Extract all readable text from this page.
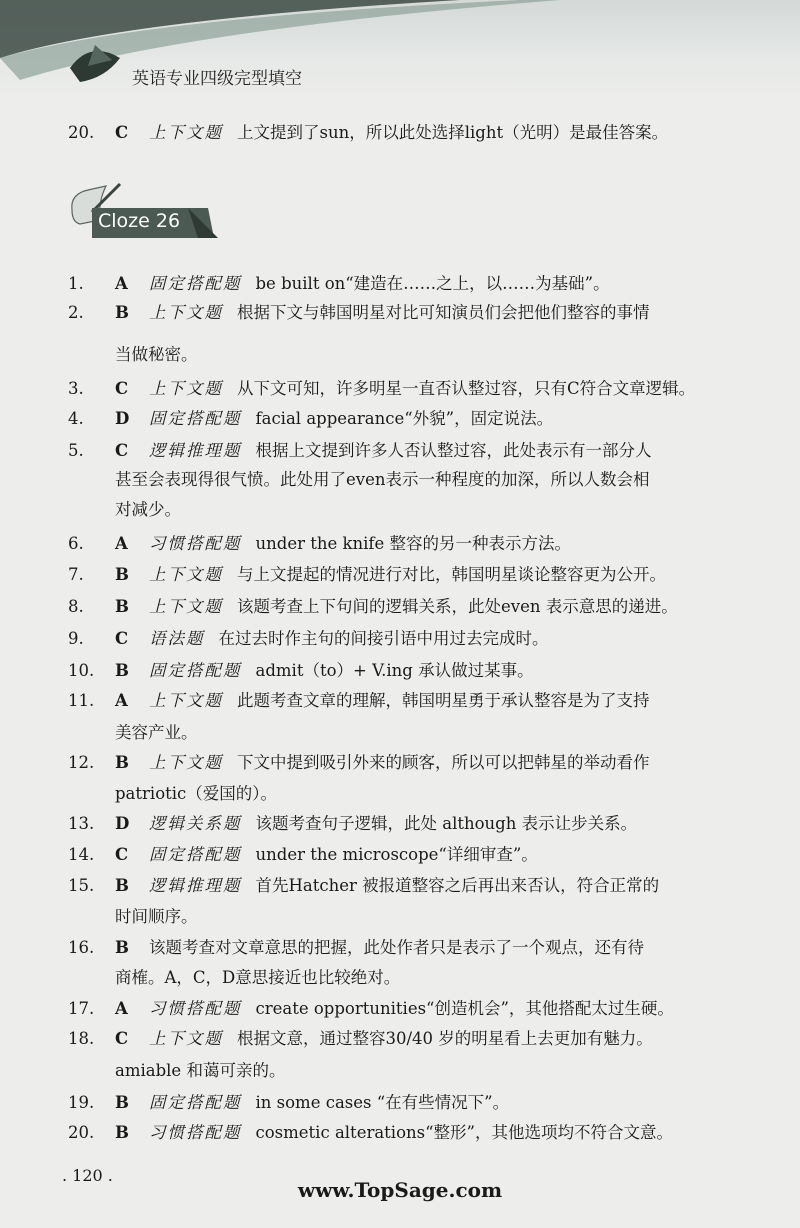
英语专业四级完型填空
20. C 上下文题 上文提到了sun，所以此处选择light（光明）是最佳答案。
Cloze 26
1. A 固定搭配题 be built on“建造在……之上，以……为基础”。
2. B 上下文题 根据下文与韩国明星对比可知演员们会把他们整容的事情
当做秘密。
3. C 上下文题 从下文可知，许多明星一直否认整过容，只有C符合文章逻辑。
4. D 固定搭配题 facial appearance“外貌”，固定说法。
5. C 逻辑推理题 根据上文提到许多人否认整过容，此处表示有一部分人
甚至会表现得很气愤。此处用了even表示一种程度的加深，所以人数会相
对减少。
6. A 习惯搭配题 under the knife 整容的另一种表示方法。
7. B 上下文题 与上文提起的情况进行对比，韩国明星谈论整容更为公开。
8. B 上下文题 该题考查上下句间的逻辑关系，此处even 表示意思的递进。
9. C 语法题 在过去时作主句的间接引语中用过去完成时。
10. B 固定搭配题 admit（to）+ V.ing 承认做过某事。
11. A 上下文题 此题考查文章的理解，韩国明星勇于承认整容是为了支持
美容产业。
12. B 上下文题 下文中提到吸引外来的顾客，所以可以把韩星的举动看作
patriotic（爱国的）。
13. D 逻辑关系题 该题考查句子逻辑，此处 although 表示让步关系。
14. C 固定搭配题 under the microscope“详细审查”。
15. B 逻辑推理题 首先Hatcher 被报道整容之后再出来否认，符合正常的
时间顺序。
16. B 该题考查对文章意思的把握，此处作者只是表示了一个观点，还有待
商榷。A，C，D意思接近也比较绝对。
17. A 习惯搭配题 create opportunities“创造机会”，其他搭配太过生硬。
18. C 上下文题 根据文意，通过整容30/40 岁的明星看上去更加有魅力。
amiable 和蔼可亲的。
19. B 固定搭配题 in some cases “在有些情况下”。
20. B 习惯搭配题 cosmetic alterations“整形”，其他选项均不符合文意。
. 120 .
www.TopSage.com
